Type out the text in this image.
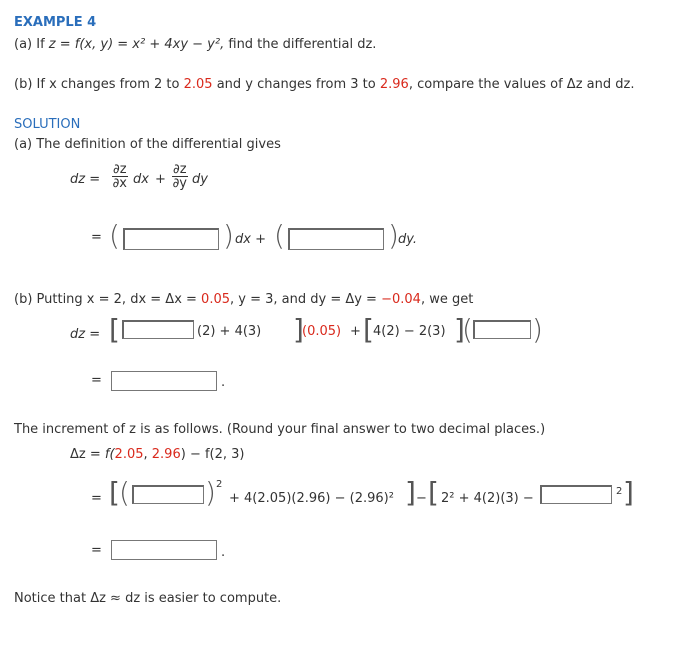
EXAMPLE 4
(a) If z = f(x, y) = x² + 4xy − y², find the differential dz.
(b) If x changes from 2 to 2.05 and y changes from 3 to 2.96, compare the values of Δz and dz.
SOLUTION
(a) The definition of the differential gives
dz = $\frac{\partial z}{\partial x}$ dx + $\frac{\partial z}{\partial y}$ dy
= (	) dx + (	) dy.
(b) Putting x = 2, dx = Δx = 0.05, y = 3, and dy = Δy = −0.04, we get
dz = [	(2) + 4(3) ]
(0.05) + [ 4(2) − 2(3) ]
( )
=	.
The increment of z is as follows. (Round your final answer to two decimal places.)
Δz = f(2.05, 2.96) − f(2, 3)
= [ (	) 2
+ 4(2.05)(2.96) − (2.96)² ] − [ 2² + 4(2)(3) −	2 ]
=	.
Notice that Δz ≈ dz is easier to compute.
